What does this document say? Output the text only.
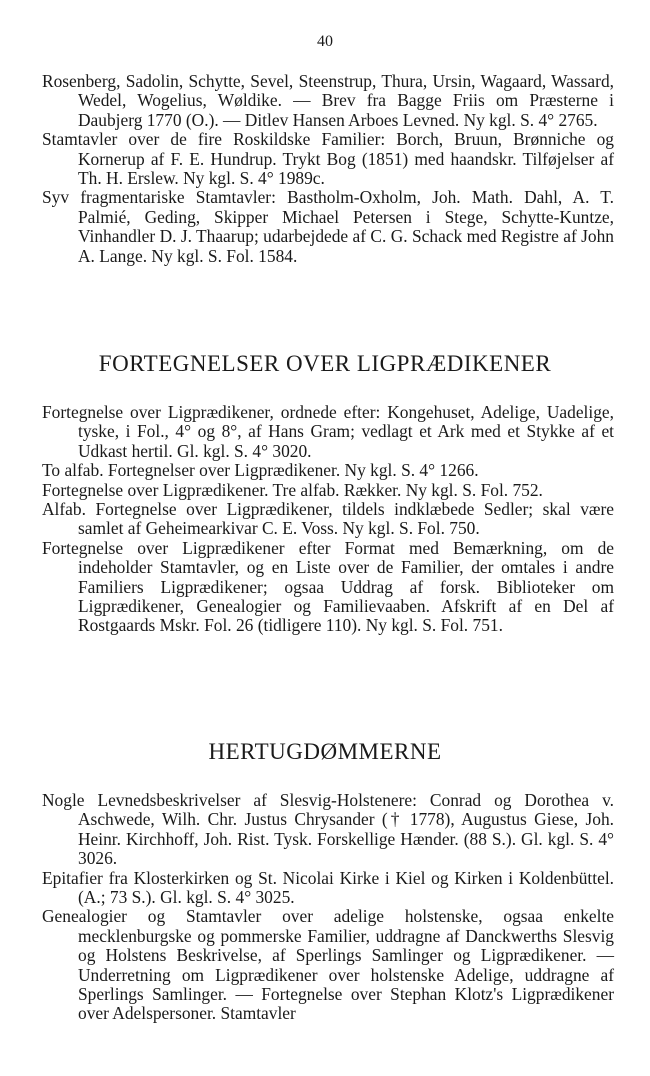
40

Rosenberg, Sadolin, Schytte, Sevel, Steenstrup, Thura, Ursin, Wagaard, Wassard, Wedel, Wogelius, Wøldike. — Brev fra Bagge Friis om Præsterne i Daubjerg 1770 (O.). — Ditlev Hansen Arboes Levned. Ny kgl. S. 4° 2765.

Stamtavler over de fire Roskildske Familier: Borch, Bruun, Brønniche og Kornerup af F. E. Hundrup. Trykt Bog (1851) med haandskr. Tilføjelser af Th. H. Erslew. Ny kgl. S. 4° 1989c.

Syv fragmentariske Stamtavler: Bastholm-Oxholm, Joh. Math. Dahl, A. T. Palmié, Geding, Skipper Michael Petersen i Stege, Schytte-Kuntze, Vinhandler D. J. Thaarup; udarbejdede af C. G. Schack med Registre af John A. Lange. Ny kgl. S. Fol. 1584.

FORTEGNELSER OVER LIGPRÆDIKENER

Fortegnelse over Ligprædikener, ordnede efter: Kongehuset, Adelige, Uadelige, tyske, i Fol., 4° og 8°, af Hans Gram; vedlagt et Ark med et Stykke af et Udkast hertil. Gl. kgl. S. 4° 3020.

To alfab. Fortegnelser over Ligprædikener. Ny kgl. S. 4° 1266.

Fortegnelse over Ligprædikener. Tre alfab. Rækker. Ny kgl. S. Fol. 752.

Alfab. Fortegnelse over Ligprædikener, tildels indklæbede Sedler; skal være samlet af Geheimearkivar C. E. Voss. Ny kgl. S. Fol. 750.

Fortegnelse over Ligprædikener efter Format med Bemærkning, om de indeholder Stamtavler, og en Liste over de Familier, der omtales i andre Familiers Ligprædikener; ogsaa Uddrag af forsk. Biblioteker om Ligprædikener, Genealogier og Familievaaben. Afskrift af en Del af Rostgaards Mskr. Fol. 26 (tidligere 110). Ny kgl. S. Fol. 751.

HERTUGDØMMERNE

Nogle Levnedsbeskrivelser af Slesvig-Holstenere: Conrad og Dorothea v. Aschwede, Wilh. Chr. Justus Chrysander († 1778), Augustus Giese, Joh. Heinr. Kirchhoff, Joh. Rist. Tysk. Forskellige Hænder. (88 S.). Gl. kgl. S. 4° 3026.

Epitafier fra Klosterkirken og St. Nicolai Kirke i Kiel og Kirken i Koldenbüttel. (A.; 73 S.). Gl. kgl. S. 4° 3025.

Genealogier og Stamtavler over adelige holstenske, ogsaa enkelte mecklenburgske og pommerske Familier, uddragne af Danckwerths Slesvig og Holstens Beskrivelse, af Sperlings Samlinger og Ligprædikener. — Underretning om Ligprædikener over holstenske Adelige, uddragne af Sperlings Samlinger. — Fortegnelse over Stephan Klotz's Ligprædikener over Adelspersoner. Stamtavler
